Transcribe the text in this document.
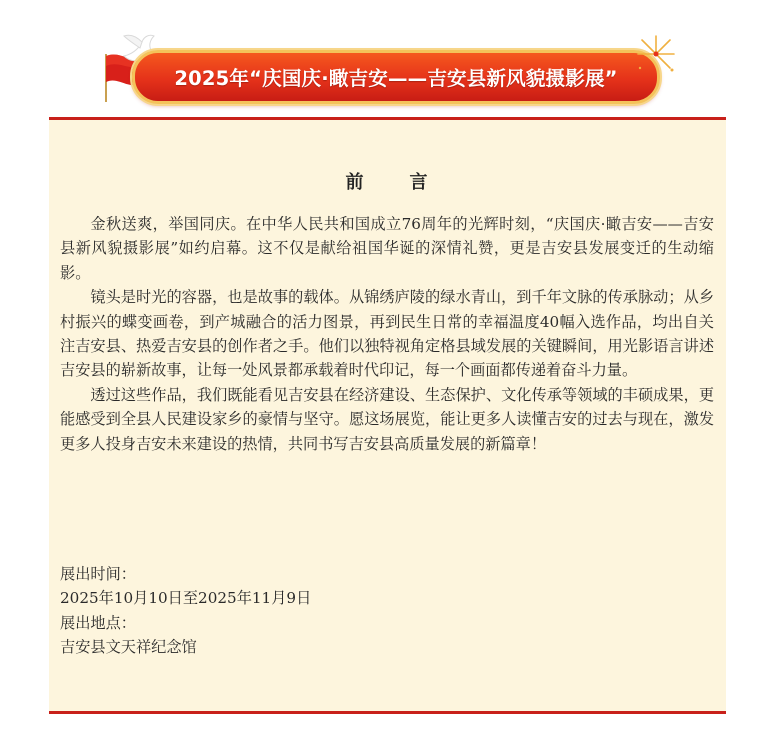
2025年“庆国庆·瞰吉安——吉安县新风貌摄影展”
前 言

金秋送爽，举国同庆。在中华人民共和国成立76周年的光辉时刻，“庆国庆·瞰吉安——吉安县新风貌摄影展”如约启幕。这不仅是献给祖国华诞的深情礼赞，更是吉安县发展变迁的生动缩影。

镜头是时光的容器，也是故事的载体。从锦绣庐陵的绿水青山，到千年文脉的传承脉动；从乡村振兴的蝶变画卷，到产城融合的活力图景，再到民生日常的幸福温度40幅入选作品，均出自关注吉安县、热爱吉安县的创作者之手。他们以独特视角定格县域发展的关键瞬间，用光影语言讲述吉安县的崭新故事，让每一处风景都承载着时代印记，每一个画面都传递着奋斗力量。

透过这些作品，我们既能看见吉安县在经济建设、生态保护、文化传承等领域的丰硕成果，更能感受到全县人民建设家乡的豪情与坚守。愿这场展览，能让更多人读懂吉安的过去与现在，激发更多人投身吉安未来建设的热情，共同书写吉安县高质量发展的新篇章！

展出时间：
2025年10月10日至2025年11月9日
展出地点：
吉安县文天祥纪念馆
